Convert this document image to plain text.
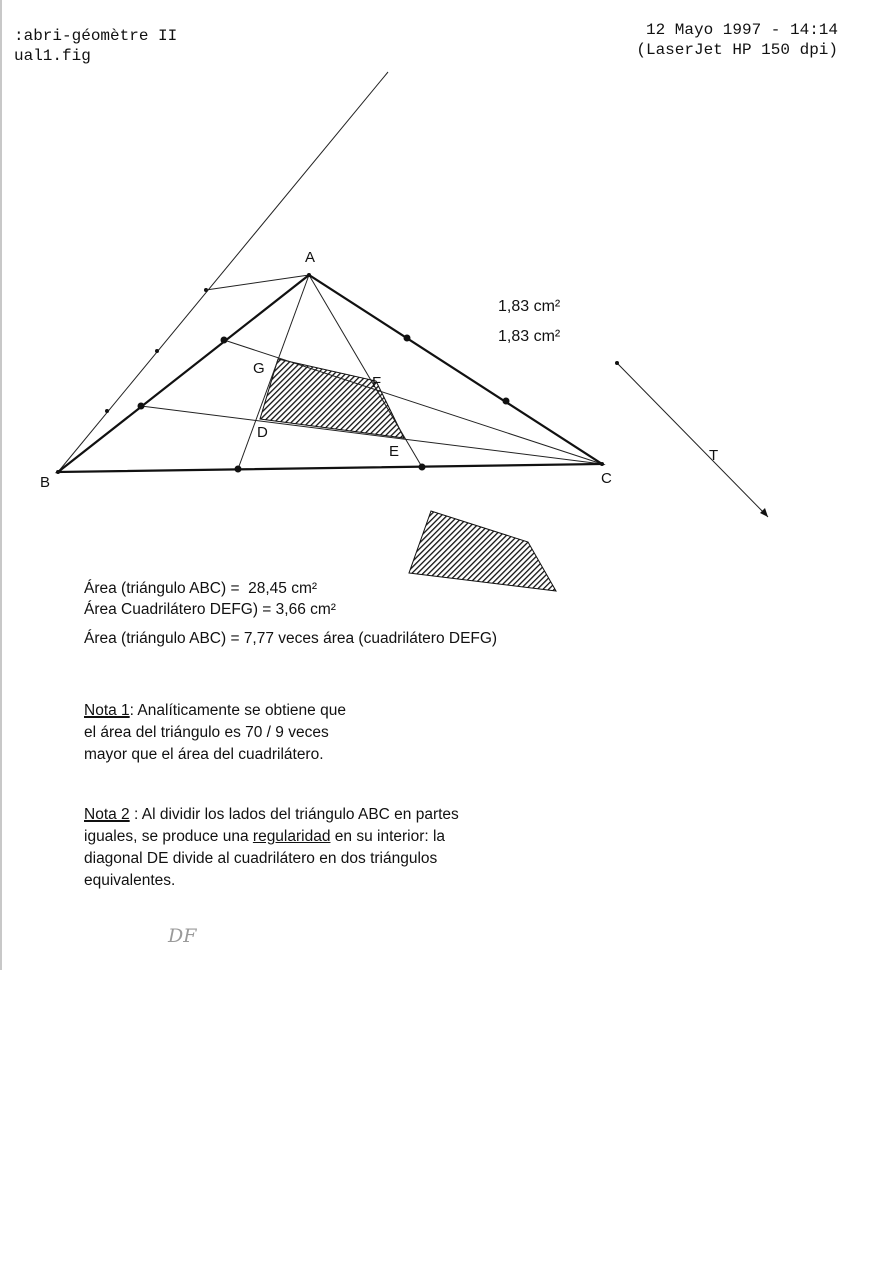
:abri-géomètre II
ual1.fig
12 Mayo 1997 - 14:14
(LaserJet HP 150 dpi)
A
B	C
D
E
F
G
T
1,83 cm²
1,83 cm²
Área (triángulo ABC) =  28,45 cm²
Área Cuadrilátero DEFG) = 3,66 cm²
Área (triángulo ABC) = 7,77 veces área (cuadrilátero DEFG)
Nota 1: Analíticamente se obtiene que
el área del triángulo es 70 / 9 veces
mayor que el área del cuadrilátero.
Nota 2 : Al dividir los lados del triángulo ABC en partes
iguales, se produce una regularidad en su interior: la
diagonal DE divide al cuadrilátero en dos triángulos
equivalentes.
DF
